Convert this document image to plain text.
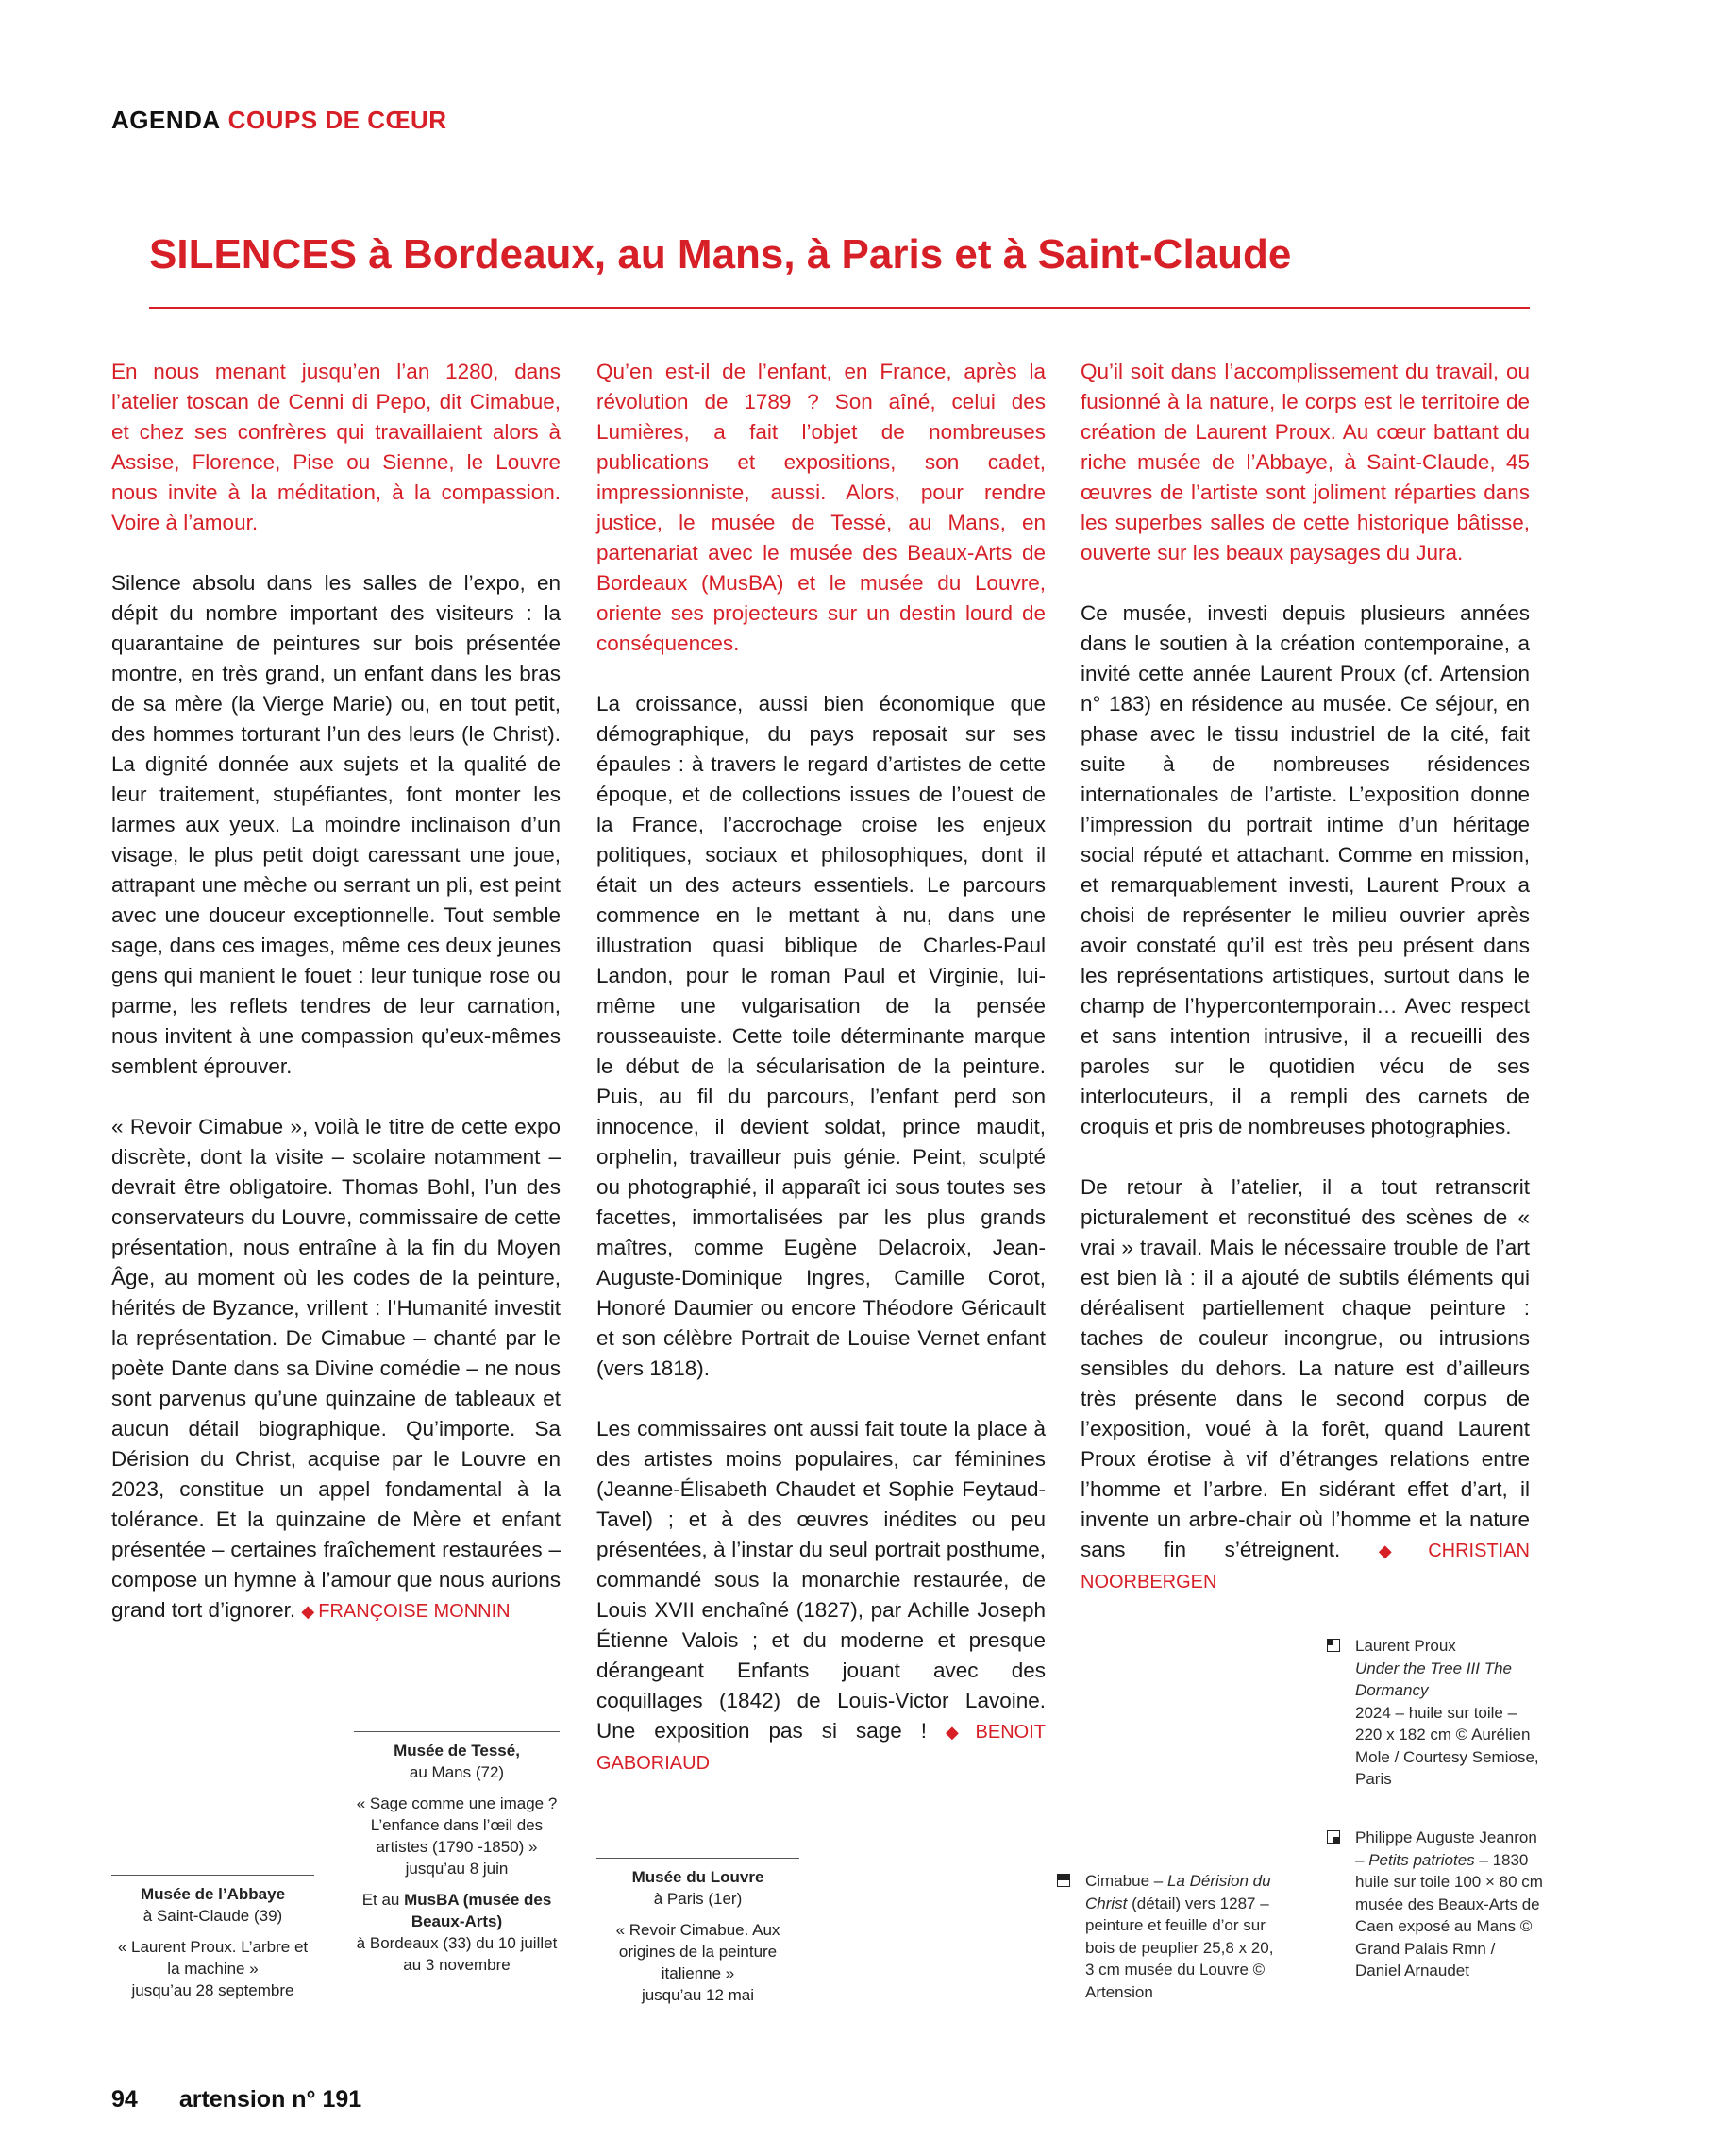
AGENDA COUPS DE CŒUR
SILENCES à Bordeaux, au Mans, à Paris et à Saint-Claude

En nous menant jusqu’en l’an 1280, dans l’atelier toscan de Cenni di Pepo, dit Cimabue, et chez ses confrères qui travaillaient alors à Assise, Florence, Pise ou Sienne, le Louvre nous invite à la méditation, à la compassion. Voire à l’amour.

Silence absolu dans les salles de l’expo, en dépit du nombre important des visiteurs : la quarantaine de peintures sur bois présentée montre, en très grand, un enfant dans les bras de sa mère (la Vierge Marie) ou, en tout petit, des hommes torturant l’un des leurs (le Christ). La dignité donnée aux sujets et la qualité de leur traitement, stupéfiantes, font monter les larmes aux yeux. La moindre inclinaison d’un visage, le plus petit doigt caressant une joue, attrapant une mèche ou serrant un pli, est peint avec une douceur exceptionnelle. Tout semble sage, dans ces images, même ces deux jeunes gens qui manient le fouet : leur tunique rose ou parme, les reflets tendres de leur carnation, nous invitent à une compassion qu’eux-mêmes semblent éprouver.

« Revoir Cimabue », voilà le titre de cette expo discrète, dont la visite – scolaire notamment – devrait être obligatoire. Thomas Bohl, l’un des conservateurs du Louvre, commissaire de cette présentation, nous entraîne à la fin du Moyen Âge, au moment où les codes de la peinture, hérités de Byzance, vrillent : l’Humanité investit la représentation. De Cimabue – chanté par le poète Dante dans sa Divine comédie – ne nous sont parvenus qu’une quinzaine de tableaux et aucun détail biographique. Qu’importe. Sa Dérision du Christ, acquise par le Louvre en 2023, constitue un appel fondamental à la tolérance. Et la quinzaine de Mère et enfant présentée – certaines fraîchement restaurées – compose un hymne à l’amour que nous aurions grand tort d’ignorer. ◆ FRANÇOISE MONNIN

Qu’en est-il de l’enfant, en France, après la révolution de 1789 ? Son aîné, celui des Lumières, a fait l’objet de nombreuses publications et expositions, son cadet, impressionniste, aussi. Alors, pour rendre justice, le musée de Tessé, au Mans, en partenariat avec le musée des Beaux-Arts de Bordeaux (MusBA) et le musée du Louvre, oriente ses projecteurs sur un destin lourd de conséquences.

La croissance, aussi bien économique que démographique, du pays reposait sur ses épaules : à travers le regard d’artistes de cette époque, et de collections issues de l’ouest de la France, l’accrochage croise les enjeux politiques, sociaux et philosophiques, dont il était un des acteurs essentiels. Le parcours commence en le mettant à nu, dans une illustration quasi biblique de Charles-Paul Landon, pour le roman Paul et Virginie, lui-même une vulgarisation de la pensée rousseauiste. Cette toile déterminante marque le début de la sécularisation de la peinture. Puis, au fil du parcours, l’enfant perd son innocence, il devient soldat, prince maudit, orphelin, travailleur puis génie. Peint, sculpté ou photographié, il apparaît ici sous toutes ses facettes, immortalisées par les plus grands maîtres, comme Eugène Delacroix, Jean-Auguste-Dominique Ingres, Camille Corot, Honoré Daumier ou encore Théodore Géricault et son célèbre Portrait de Louise Vernet enfant (vers 1818).

Les commissaires ont aussi fait toute la place à des artistes moins populaires, car féminines (Jeanne-Élisabeth Chaudet et Sophie Feytaud-Tavel) ; et à des œuvres inédites ou peu présentées, à l’instar du seul portrait posthume, commandé sous la monarchie restaurée, de Louis XVII enchaîné (1827), par Achille Joseph Étienne Valois ; et du moderne et presque dérangeant Enfants jouant avec des coquillages (1842) de Louis-Victor Lavoine. Une exposition pas si sage ! ◆ BENOIT GABORIAUD

Qu’il soit dans l’accomplissement du travail, ou fusionné à la nature, le corps est le territoire de création de Laurent Proux. Au cœur battant du riche musée de l’Abbaye, à Saint-Claude, 45 œuvres de l’artiste sont joliment réparties dans les superbes salles de cette historique bâtisse, ouverte sur les beaux paysages du Jura.

Ce musée, investi depuis plusieurs années dans le soutien à la création contemporaine, a invité cette année Laurent Proux (cf. Artension n° 183) en résidence au musée. Ce séjour, en phase avec le tissu industriel de la cité, fait suite à de nombreuses résidences internationales de l’artiste. L’exposition donne l’impression du portrait intime d’un héritage social réputé et attachant. Comme en mission, et remarquablement investi, Laurent Proux a choisi de représenter le milieu ouvrier après avoir constaté qu’il est très peu présent dans les représentations artistiques, surtout dans le champ de l’hypercontemporain… Avec respect et sans intention intrusive, il a recueilli des paroles sur le quotidien vécu de ses interlocuteurs, il a rempli des carnets de croquis et pris de nombreuses photographies.

De retour à l’atelier, il a tout retranscrit picturalement et reconstitué des scènes de « vrai » travail. Mais le nécessaire trouble de l’art est bien là : il a ajouté de subtils éléments qui déréalisent partiellement chaque peinture : taches de couleur incongrue, ou intrusions sensibles du dehors. La nature est d’ailleurs très présente dans le second corpus de l’exposition, voué à la forêt, quand Laurent Proux érotise à vif d’étranges relations entre l’homme et l’arbre. En sidérant effet d’art, il invente un arbre-chair où l’homme et la nature sans fin s’étreignent. ◆ CHRISTIAN NOORBERGEN

Musée de l’Abbaye
à Saint-Claude (39)

« Laurent Proux. L’arbre et la machine »
jusqu’au 28 septembre

Musée de Tessé,
au Mans (72)

« Sage comme une image ? L’enfance dans l’œil des artistes (1790 -1850) »
jusqu’au 8 juin

Et au MusBA (musée des Beaux-Arts)
à Bordeaux (33) du 10 juillet au 3 novembre

Musée du Louvre
à Paris (1er)

« Revoir Cimabue. Aux origines de la peinture italienne »
jusqu’au 12 mai

Cimabue – La Dérision du Christ (détail) vers 1287 – peinture et feuille d’or sur bois de peuplier 25,8 x 20, 3 cm musée du Louvre © Artension
Laurent Proux
Under the Tree III The Dormancy
2024 – huile sur toile – 220 x 182 cm © Aurélien Mole / Courtesy Semiose, Paris
Philippe Auguste Jeanron – Petits patriotes – 1830 huile sur toile 100 × 80 cm musée des Beaux-Arts de Caen exposé au Mans © Grand Palais Rmn / Daniel Arnaudet
94 artension n° 191
